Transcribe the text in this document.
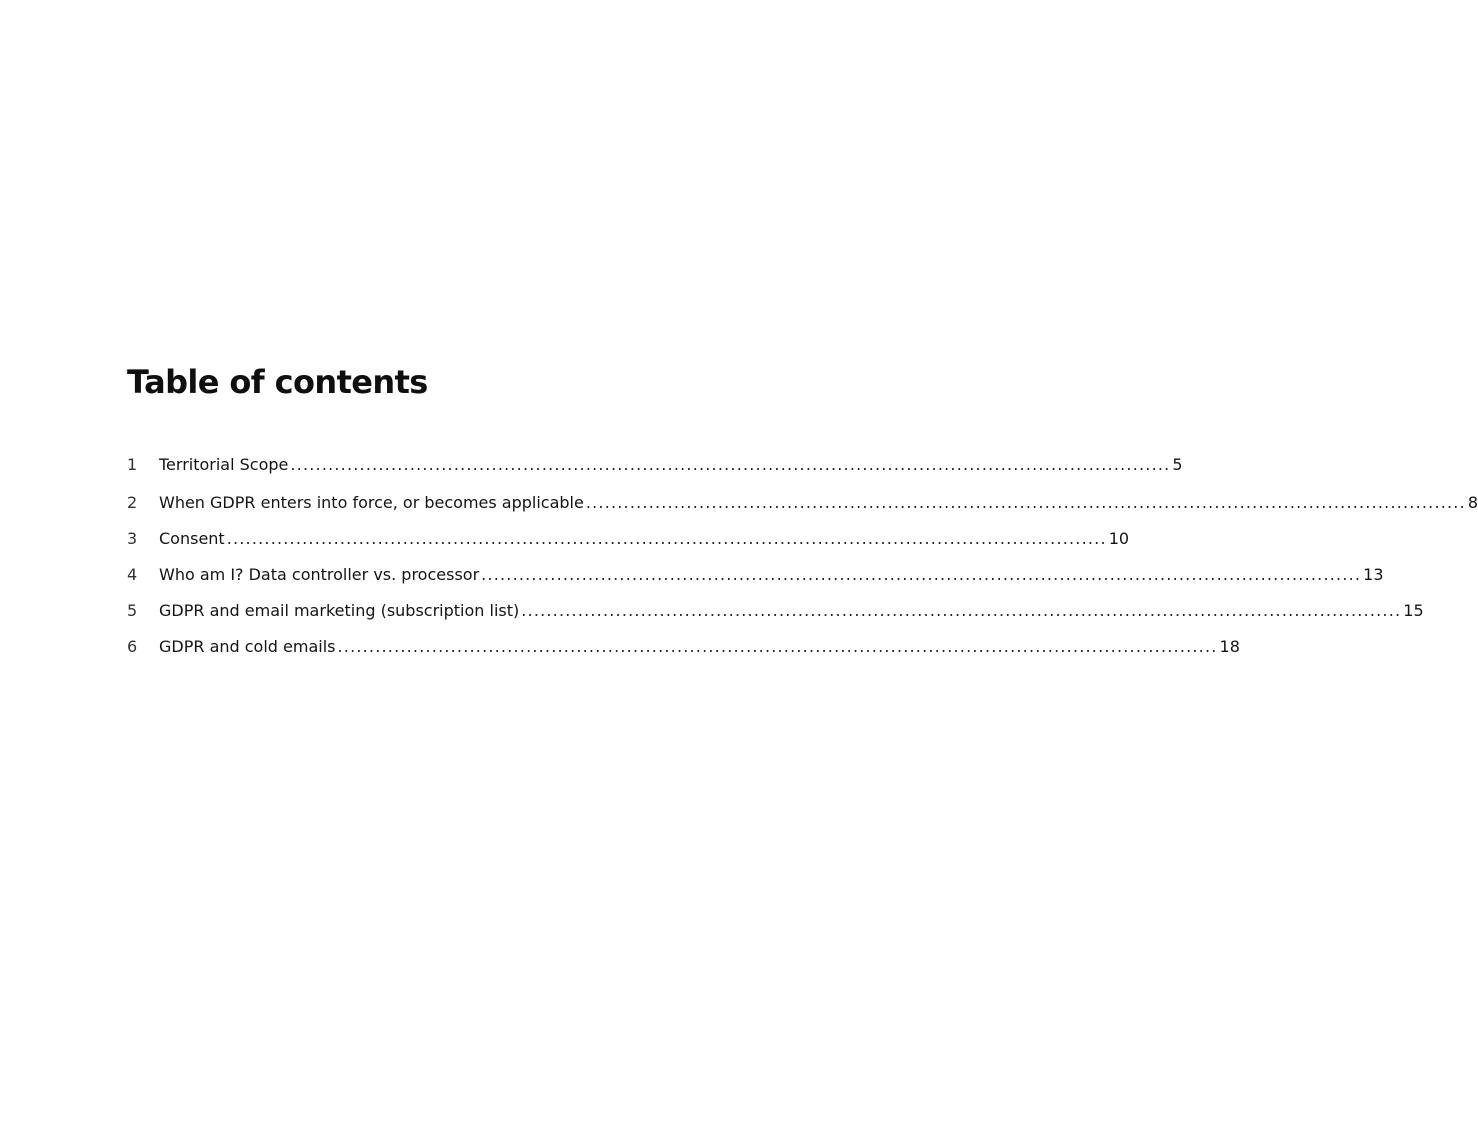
Table of contents
1	Territorial Scope ............................................................................................................................................ 5
2	When GDPR enters into force, or becomes applicable ............................................................................................................................................ 8
3	Consent ............................................................................................................................................ 10
4	Who am I? Data controller vs. processor ............................................................................................................................................ 13
5	GDPR and email marketing (subscription list) ............................................................................................................................................ 15
6	GDPR and cold emails ............................................................................................................................................ 18
